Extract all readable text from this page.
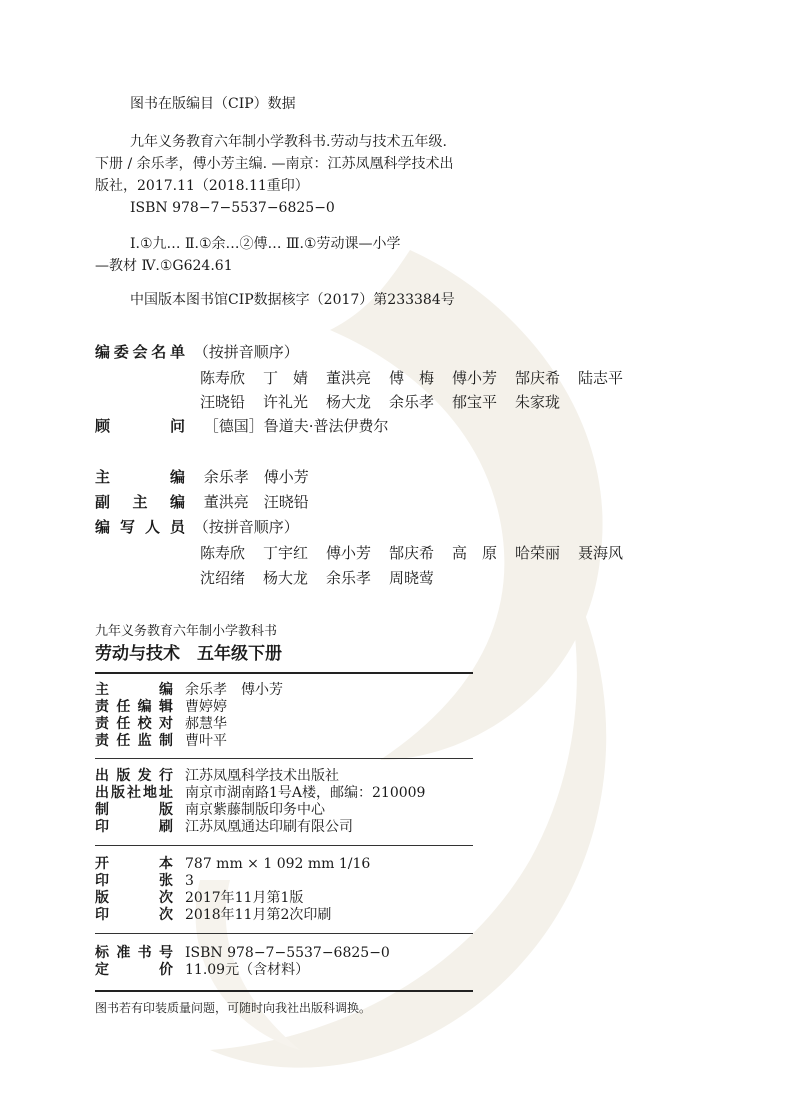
图书在版编目（CIP）数据
九年义务教育六年制小学教科书.劳动与技术五年级.
下册 / 余乐孝，傅小芳主编. —南京：江苏凤凰科学技术出
版社，2017.11（2018.11重印）
ISBN 978−7−5537−6825−0
Ⅰ.①九… Ⅱ.①余…②傅… Ⅲ.①劳动课—小学
—教材 Ⅳ.①G624.61
中国版本图书馆CIP数据核字（2017）第233384号
编委会名单 （按拼音顺序）
陈寿欣	丁　婧	董洪亮	傅　梅	傅小芳	郜庆希	陆志平
汪晓铅	许礼光	杨大龙	余乐孝	郁宝平	朱家珑
顾　　问 ［德国］鲁道夫·普法伊费尔
主　　编 余乐孝　傅小芳
副 主 编 董洪亮　汪晓铅
编写人员 （按拼音顺序）
陈寿欣	丁宇红	傅小芳	郜庆希	高　原	哈荣丽	聂海风
沈绍绪	杨大龙	余乐孝	周晓莺
九年义务教育六年制小学教科书
劳动与技术　五年级下册
主编 余乐孝　傅小芳
责任编辑 曹婷婷
责任校对 郝慧华
责任监制 曹叶平
出版发行 江苏凤凰科学技术出版社
出版社地址 南京市湖南路1号A楼，邮编：210009
制版 南京紫藤制版印务中心
印刷 江苏凤凰通达印刷有限公司
开本 787 mm × 1 092 mm 1/16
印张 3
版次 2017年11月第1版
印次 2018年11月第2次印刷
标准书号 ISBN 978−7−5537−6825−0
定价 11.09元（含材料）
图书若有印装质量问题，可随时向我社出版科调换。
